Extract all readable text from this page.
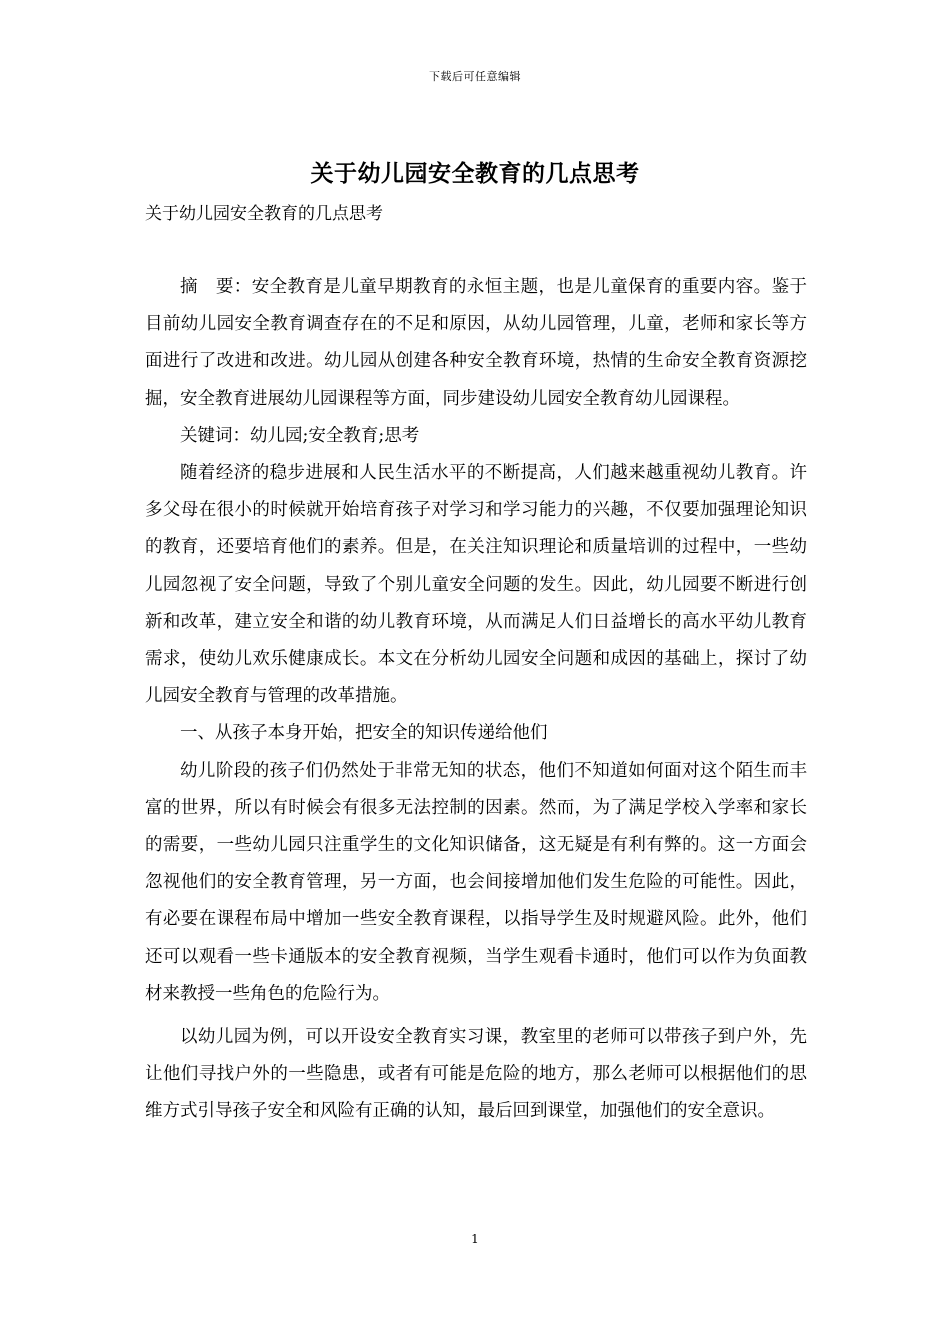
下载后可任意编辑
关于幼儿园安全教育的几点思考
关于幼儿园安全教育的几点思考

摘　要：安全教育是儿童早期教育的永恒主题，也是儿童保育的重要内容。鉴于目前幼儿园安全教育调查存在的不足和原因，从幼儿园管理，儿童，老师和家长等方面进行了改进和改进。幼儿园从创建各种安全教育环境，热情的生命安全教育资源挖掘，安全教育进展幼儿园课程等方面，同步建设幼儿园安全教育幼儿园课程。

关键词：幼儿园;安全教育;思考

随着经济的稳步进展和人民生活水平的不断提高，人们越来越重视幼儿教育。许多父母在很小的时候就开始培育孩子对学习和学习能力的兴趣，不仅要加强理论知识的教育，还要培育他们的素养。但是，在关注知识理论和质量培训的过程中，一些幼儿园忽视了安全问题，导致了个别儿童安全问题的发生。因此，幼儿园要不断进行创新和改革，建立安全和谐的幼儿教育环境，从而满足人们日益增长的高水平幼儿教育需求，使幼儿欢乐健康成长。本文在分析幼儿园安全问题和成因的基础上，探讨了幼儿园安全教育与管理的改革措施。

一、从孩子本身开始，把安全的知识传递给他们

幼儿阶段的孩子们仍然处于非常无知的状态，他们不知道如何面对这个陌生而丰富的世界，所以有时候会有很多无法控制的因素。然而，为了满足学校入学率和家长的需要，一些幼儿园只注重学生的文化知识储备，这无疑是有利有弊的。这一方面会忽视他们的安全教育管理，另一方面，也会间接增加他们发生危险的可能性。因此，有必要在课程布局中增加一些安全教育课程，以指导学生及时规避风险。此外，他们还可以观看一些卡通版本的安全教育视频，当学生观看卡通时，他们可以作为负面教材来教授一些角色的危险行为。

以幼儿园为例，可以开设安全教育实习课，教室里的老师可以带孩子到户外，先让他们寻找户外的一些隐患，或者有可能是危险的地方，那么老师可以根据他们的思维方式引导孩子安全和风险有正确的认知，最后回到课堂，加强他们的安全意识。

1
